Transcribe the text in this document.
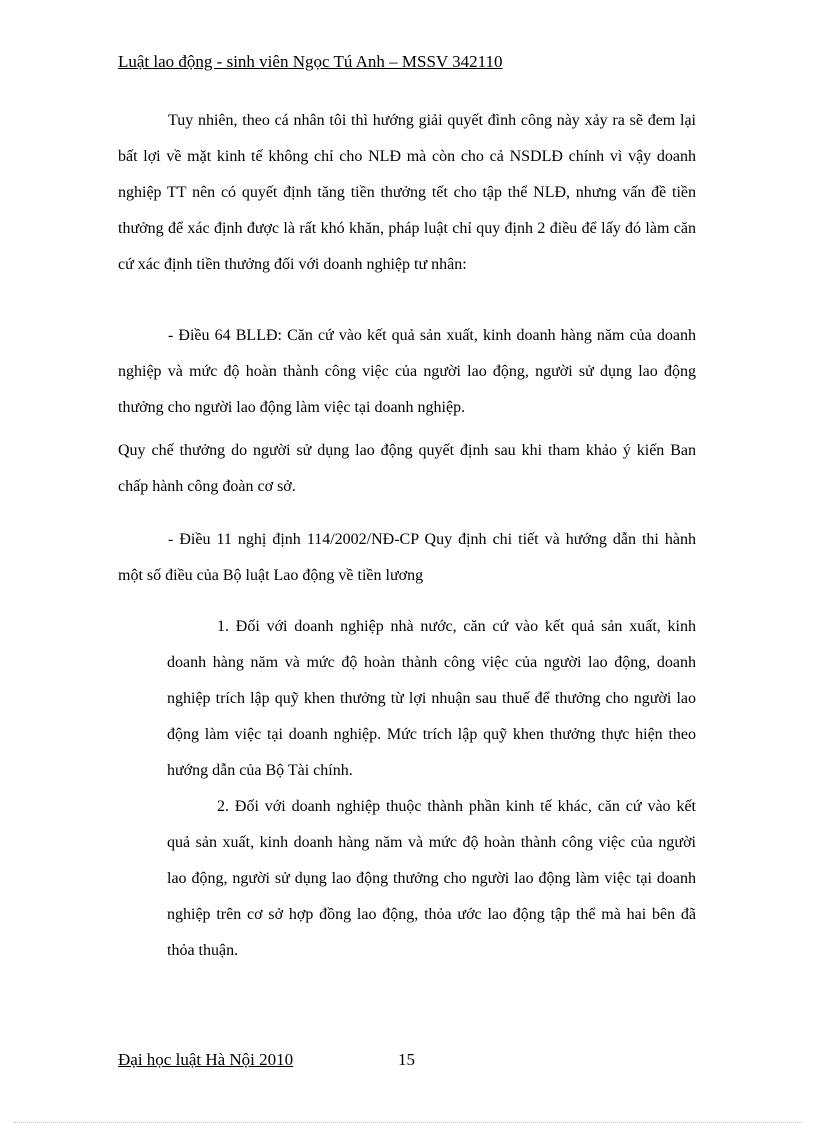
Luật lao động - sinh viên Ngọc Tú Anh – MSSV 342110

Tuy nhiên, theo cá nhân tôi thì hướng giải quyết đình công này xảy ra sẽ đem lại bất lợi về mặt kinh tế không chỉ cho NLĐ mà còn cho cả NSDLĐ chính vì vậy doanh nghiệp TT nên có quyết định tăng tiền thưởng tết cho tập thể NLĐ, nhưng vấn đề tiền thưởng để xác định được là rất khó khăn, pháp luật chỉ quy định 2 điều để lấy đó làm căn cứ xác định tiền thưởng đối với doanh nghiệp tư nhân:

- Điều 64 BLLĐ: Căn cứ vào kết quả sản xuất, kinh doanh hàng năm của doanh nghiệp và mức độ hoàn thành công việc của người lao động, người sử dụng lao động thưởng cho người lao động làm việc tại doanh nghiệp.

Quy chế thưởng do người sử dụng lao động quyết định sau khi tham khảo ý kiến Ban chấp hành công đoàn cơ sở.

- Điều 11 nghị định 114/2002/NĐ-CP Quy định chi tiết và hướng dẫn thi hành một số điều của Bộ luật Lao động về tiền lương

1. Đối với doanh nghiệp nhà nước, căn cứ vào kết quả sản xuất, kinh doanh hàng năm và mức độ hoàn thành công việc của người lao động, doanh nghiệp trích lập quỹ khen thưởng từ lợi nhuận sau thuế để thưởng cho người lao động làm việc tại doanh nghiệp. Mức trích lập quỹ khen thưởng thực hiện theo hướng dẫn của Bộ Tài chính.

2. Đối với doanh nghiệp thuộc thành phần kinh tế khác, căn cứ vào kết quả sản xuất, kinh doanh hàng năm và mức độ hoàn thành công việc của người lao động, người sử dụng lao động thưởng cho người lao động làm việc tại doanh nghiệp trên cơ sở hợp đồng lao động, thỏa ước lao động tập thể mà hai bên đã thỏa thuận.

Đại học luật Hà Nội 2010	15
